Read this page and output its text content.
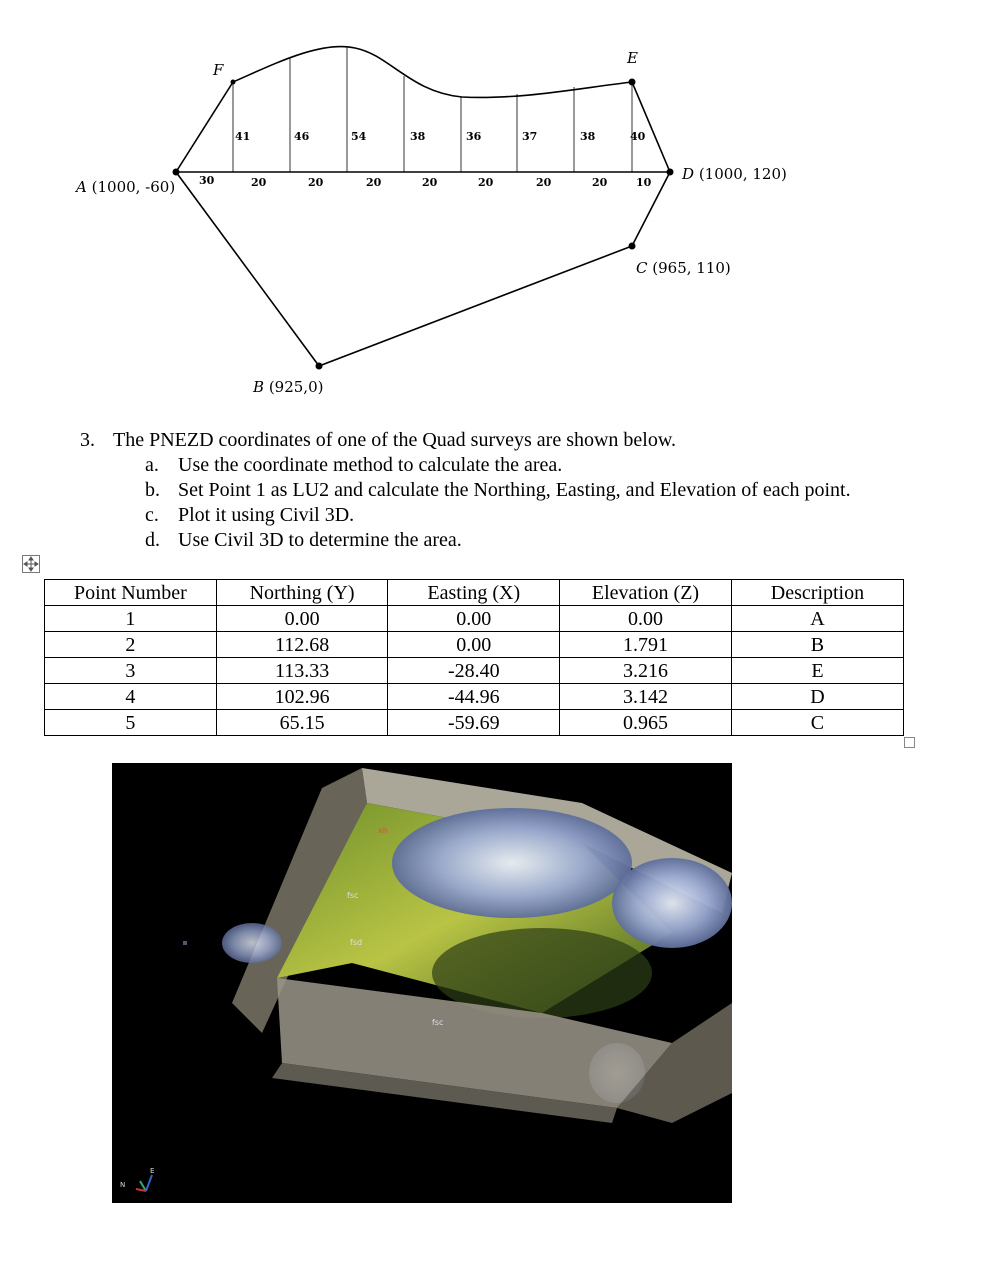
A (1000, -60)
B (925,0)
C (965, 110)
D (1000, 120)
E
F
41	46	54	38	36	37	38	40
30	20	20	20	20	20	20	20	10
3. The PNEZD coordinates of one of the Quad surveys are shown below.
a. Use the coordinate method to calculate the area.
b. Set Point 1 as LU2 and calculate the Northing, Easting, and Elevation of each point.
c. Plot it using Civil 3D.
d. Use Civil 3D to determine the area.
Point Number	Northing (Y)	Easting (X)	Elevation (Z)	Description
1	0.00	0.00	0.00	A
2	112.68	0.00	1.791	B
3	113.33	-28.40	3.216	E
4	102.96	-44.96	3.142	D
5	65.15	-59.69	0.965	C
fsc
fsd
fsc
xh
N
E
